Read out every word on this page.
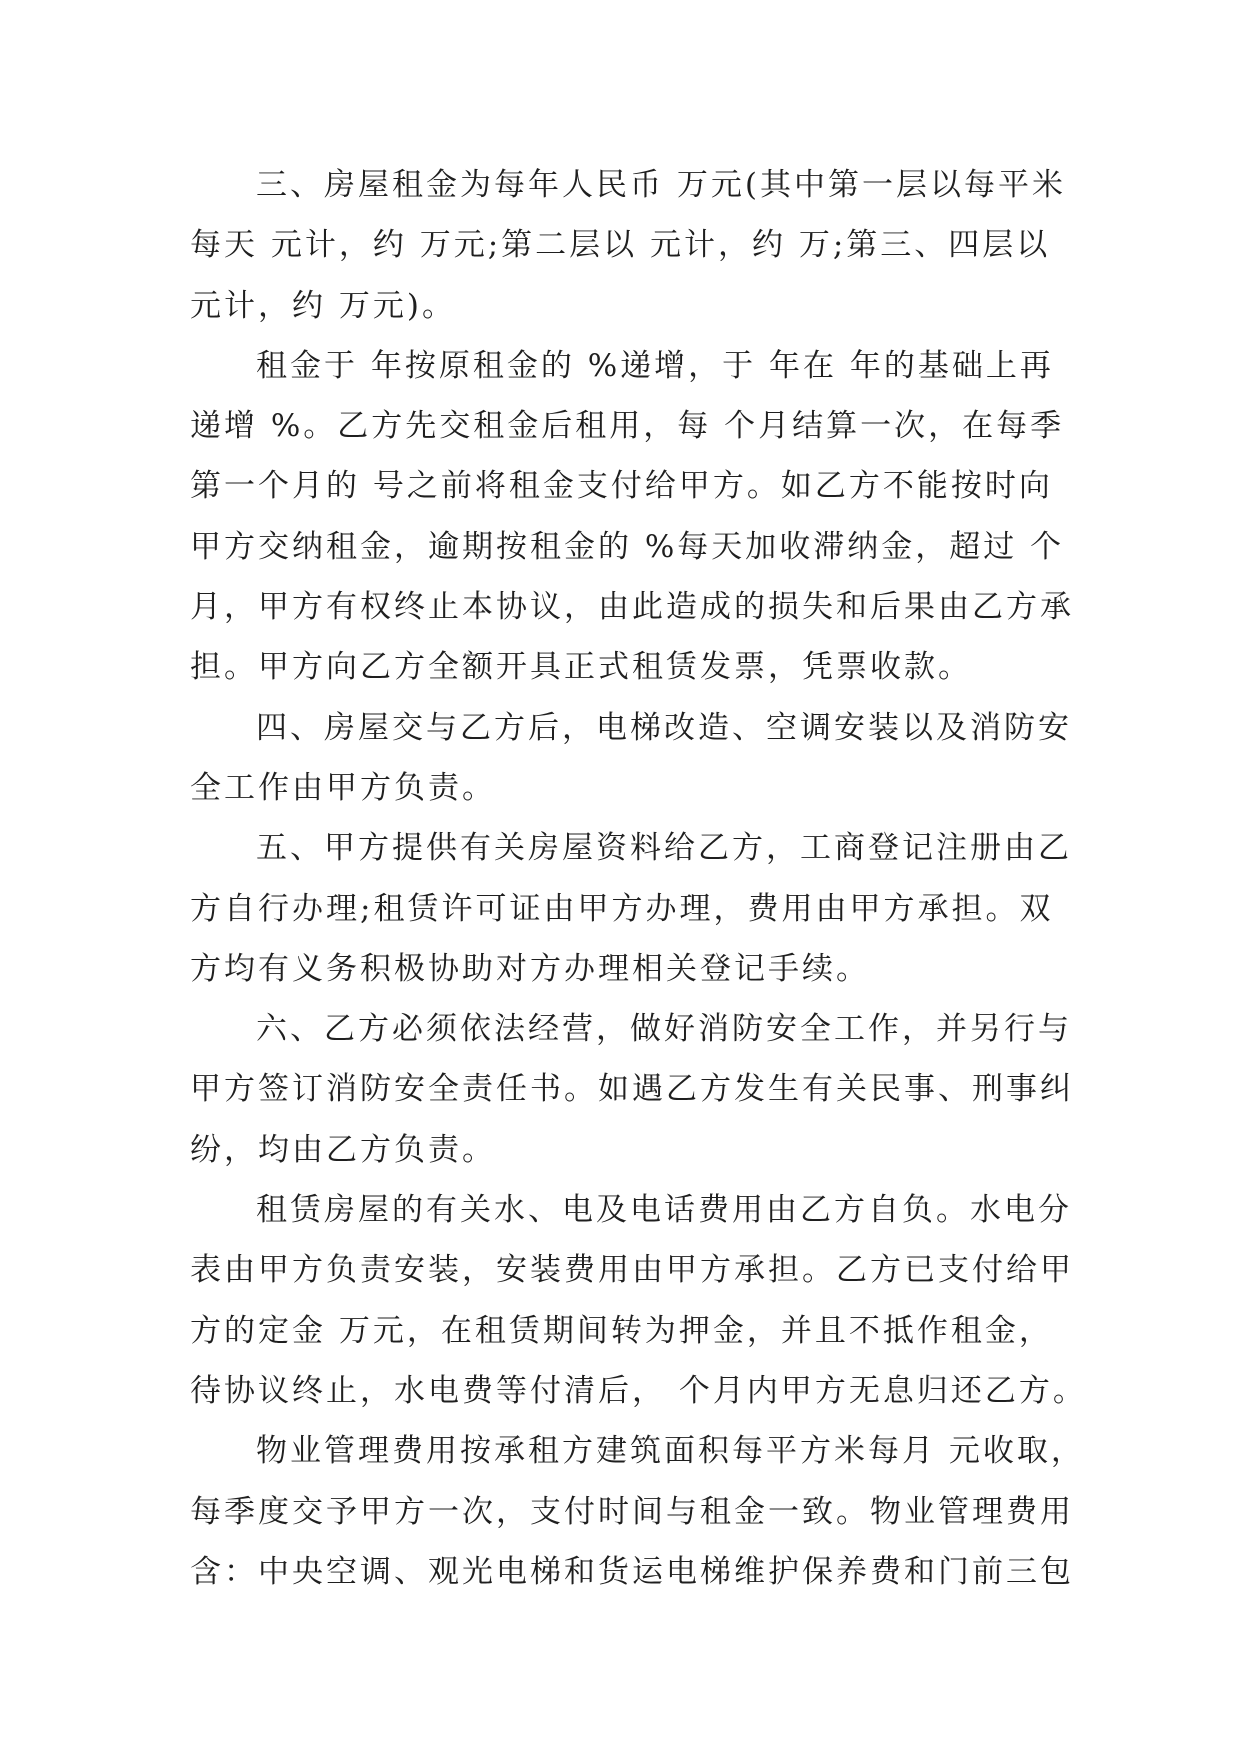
三、房屋租金为每年人民币 万元(其中第一层以每平米
每天 元计，约 万元;第二层以 元计，约 万;第三、四层以
元计，约 万元)。
租金于 年按原租金的 %递增，于 年在 年的基础上再
递增 %。乙方先交租金后租用，每 个月结算一次，在每季
第一个月的 号之前将租金支付给甲方。如乙方不能按时向
甲方交纳租金，逾期按租金的 %每天加收滞纳金，超过 个
月，甲方有权终止本协议，由此造成的损失和后果由乙方承
担。甲方向乙方全额开具正式租赁发票，凭票收款。
四、房屋交与乙方后，电梯改造、空调安装以及消防安
全工作由甲方负责。
五、甲方提供有关房屋资料给乙方，工商登记注册由乙
方自行办理;租赁许可证由甲方办理，费用由甲方承担。双
方均有义务积极协助对方办理相关登记手续。
六、乙方必须依法经营，做好消防安全工作，并另行与
甲方签订消防安全责任书。如遇乙方发生有关民事、刑事纠
纷，均由乙方负责。
租赁房屋的有关水、电及电话费用由乙方自负。水电分
表由甲方负责安装，安装费用由甲方承担。乙方已支付给甲
方的定金 万元，在租赁期间转为押金，并且不抵作租金，
待协议终止，水电费等付清后， 个月内甲方无息归还乙方。
物业管理费用按承租方建筑面积每平方米每月 元收取，
每季度交予甲方一次，支付时间与租金一致。物业管理费用
含：中央空调、观光电梯和货运电梯维护保养费和门前三包
